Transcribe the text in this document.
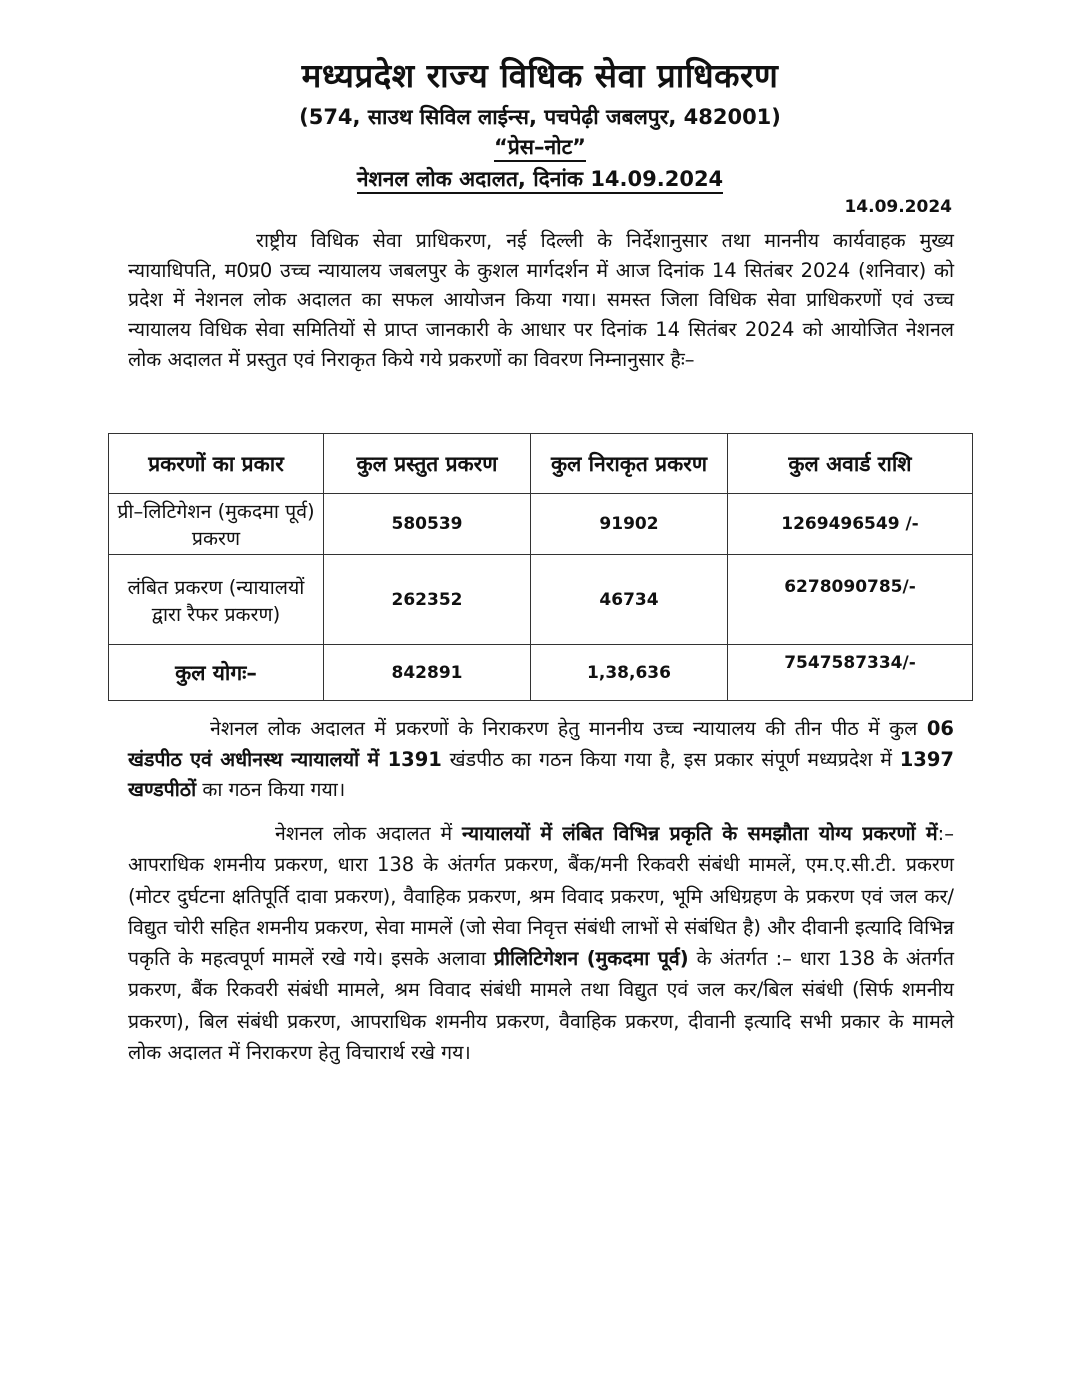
मध्यप्रदेश राज्य विधिक सेवा प्राधिकरण
(574, साउथ सिविल लाईन्स, पचपेढ़ी जबलपुर, 482001)
“प्रेस–नोट”
नेशनल लोक अदालत, दिनांक 14.09.2024
14.09.2024
राष्ट्रीय विधिक सेवा प्राधिकरण, नई दिल्ली के निर्देशानुसार तथा माननीय कार्यवाहक मुख्य न्यायाधिपति, म0प्र0 उच्च न्यायालय जबलपुर के कुशल मार्गदर्शन में आज दिनांक 14 सितंबर 2024 (शनिवार) को प्रदेश में नेशनल लोक अदालत का सफल आयोजन किया गया। समस्त जिला विधिक सेवा प्राधिकरणों एवं उच्च न्यायालय विधिक सेवा समितियों से प्राप्त जानकारी के आधार पर दिनांक 14 सितंबर 2024 को आयोजित नेशनल लोक अदालत में प्रस्तुत एवं निराकृत किये गये प्रकरणों का विवरण निम्नानुसार हैः–
प्रकरणों का प्रकार	कुल प्रस्तुत प्रकरण	कुल निराकृत प्रकरण	कुल अवार्ड राशि
प्री–लिटिगेशन (मुकदमा पूर्व) प्रकरण	580539	91902	1269496549 /-
लंबित प्रकरण (न्यायालयों द्वारा रैफर प्रकरण)	262352	46734	6278090785/-
कुल योगः–	842891	1,38,636	7547587334/-
नेशनल लोक अदालत में प्रकरणों के निराकरण हेतु माननीय उच्च न्यायालय की तीन पीठ में कुल 06 खंडपीठ एवं अधीनस्थ न्यायालयों में 1391 खंडपीठ का गठन किया गया है, इस प्रकार संपूर्ण मध्यप्रदेश में 1397 खण्डपीठों का गठन किया गया।
नेशनल लोक अदालत में न्यायालयों में लंबित विभिन्न प्रकृति के समझौता योग्य प्रकरणों में:– आपराधिक शमनीय प्रकरण, धारा 138 के अंतर्गत प्रकरण, बैंक/मनी रिकवरी संबंधी मामलें, एम.ए.सी.टी. प्रकरण (मोटर दुर्घटना क्षतिपूर्ति दावा प्रकरण), वैवाहिक प्रकरण, श्रम विवाद प्रकरण, भूमि अधिग्रहण के प्रकरण एवं जल कर/विद्युत चोरी सहित शमनीय प्रकरण, सेवा मामलें (जो सेवा निवृत्त संबंधी लाभों से संबंधित है) और दीवानी इत्यादि विभिन्न पकृति के महत्वपूर्ण मामलें रखे गये। इसके अलावा प्रीलिटिगेशन (मुकदमा पूर्व) के अंतर्गत :– धारा 138 के अंतर्गत प्रकरण, बैंक रिकवरी संबंधी मामले, श्रम विवाद संबंधी मामले तथा विद्युत एवं जल कर/बिल संबंधी (सिर्फ शमनीय प्रकरण), बिल संबंधी प्रकरण, आपराधिक शमनीय प्रकरण, वैवाहिक प्रकरण, दीवानी इत्यादि सभी प्रकार के मामले लोक अदालत में निराकरण हेतु विचारार्थ रखे गय।
